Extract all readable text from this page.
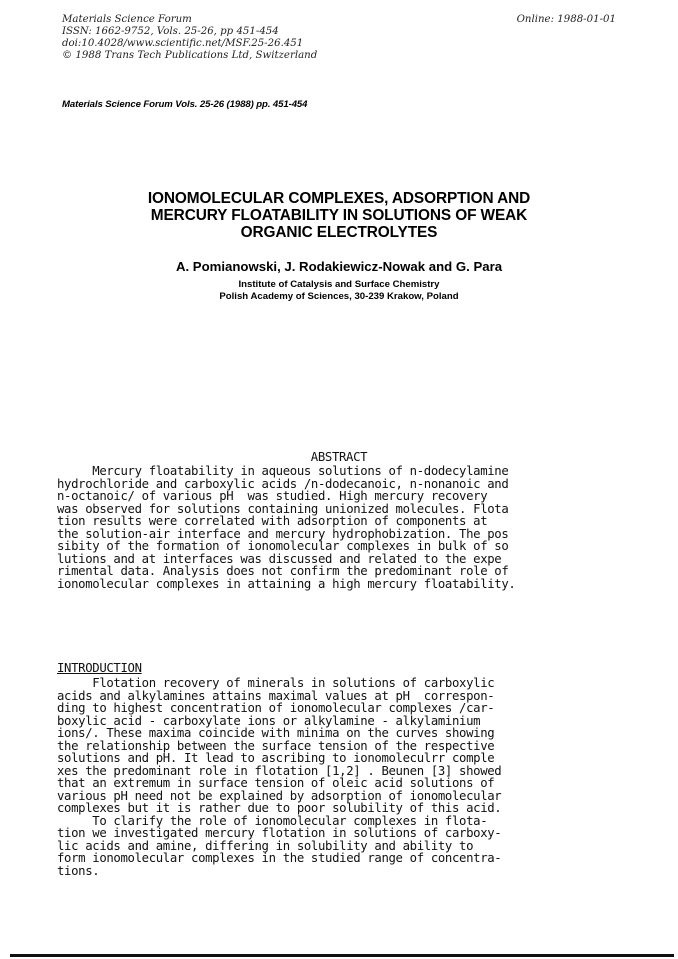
Materials Science Forum
ISSN: 1662-9752, Vols. 25-26, pp 451-454
doi:10.4028/www.scientific.net/MSF.25-26.451
© 1988 Trans Tech Publications Ltd, Switzerland
Online: 1988-01-01
Materials Science Forum Vols. 25-26 (1988) pp. 451-454
IONOMOLECULAR COMPLEXES, ADSORPTION AND
MERCURY FLOATABILITY IN SOLUTIONS OF WEAK
ORGANIC ELECTROLYTES
A. Pomianowski, J. Rodakiewicz-Nowak and G. Para
Institute of Catalysis and Surface Chemistry
Polish Academy of Sciences, 30-239 Krakow, Poland
ABSTRACT
Mercury floatability in aqueous solutions of n-dodecylamine
hydrochloride and carboxylic acids /n-dodecanoic, n-nonanoic and
n-octanoic/ of various pH  was studied. High mercury recovery
was observed for solutions containing unionized molecules. Flota
tion results were correlated with adsorption of components at
the solution-air interface and mercury hydrophobization. The pos
sibity of the formation of ionomolecular complexes in bulk of so
lutions and at interfaces was discussed and related to the expe
rimental data. Analysis does not confirm the predominant role of
ionomolecular complexes in attaining a high mercury floatability.
INTRODUCTION
Flotation recovery of minerals in solutions of carboxylic
acids and alkylamines attains maximal values at pH  correspon-
ding to highest concentration of ionomolecular complexes /car-
boxylic acid - carboxylate ions or alkylamine - alkylaminium
ions/. These maxima coincide with minima on the curves showing
the relationship between the surface tension of the respective
solutions and pH. It lead to ascribing to ionomoleculrr comple
xes the predominant role in flotation [1,2] . Beunen [3] showed
that an extremum in surface tension of oleic acid solutions of
various pH need not be explained by adsorption of ionomolecular
complexes but it is rather due to poor solubility of this acid.
To clarify the role of ionomolecular complexes in flota-
tion we investigated mercury flotation in solutions of carboxy-
lic acids and amine, differing in solubility and ability to
form ionomolecular complexes in the studied range of concentra-
tions.
